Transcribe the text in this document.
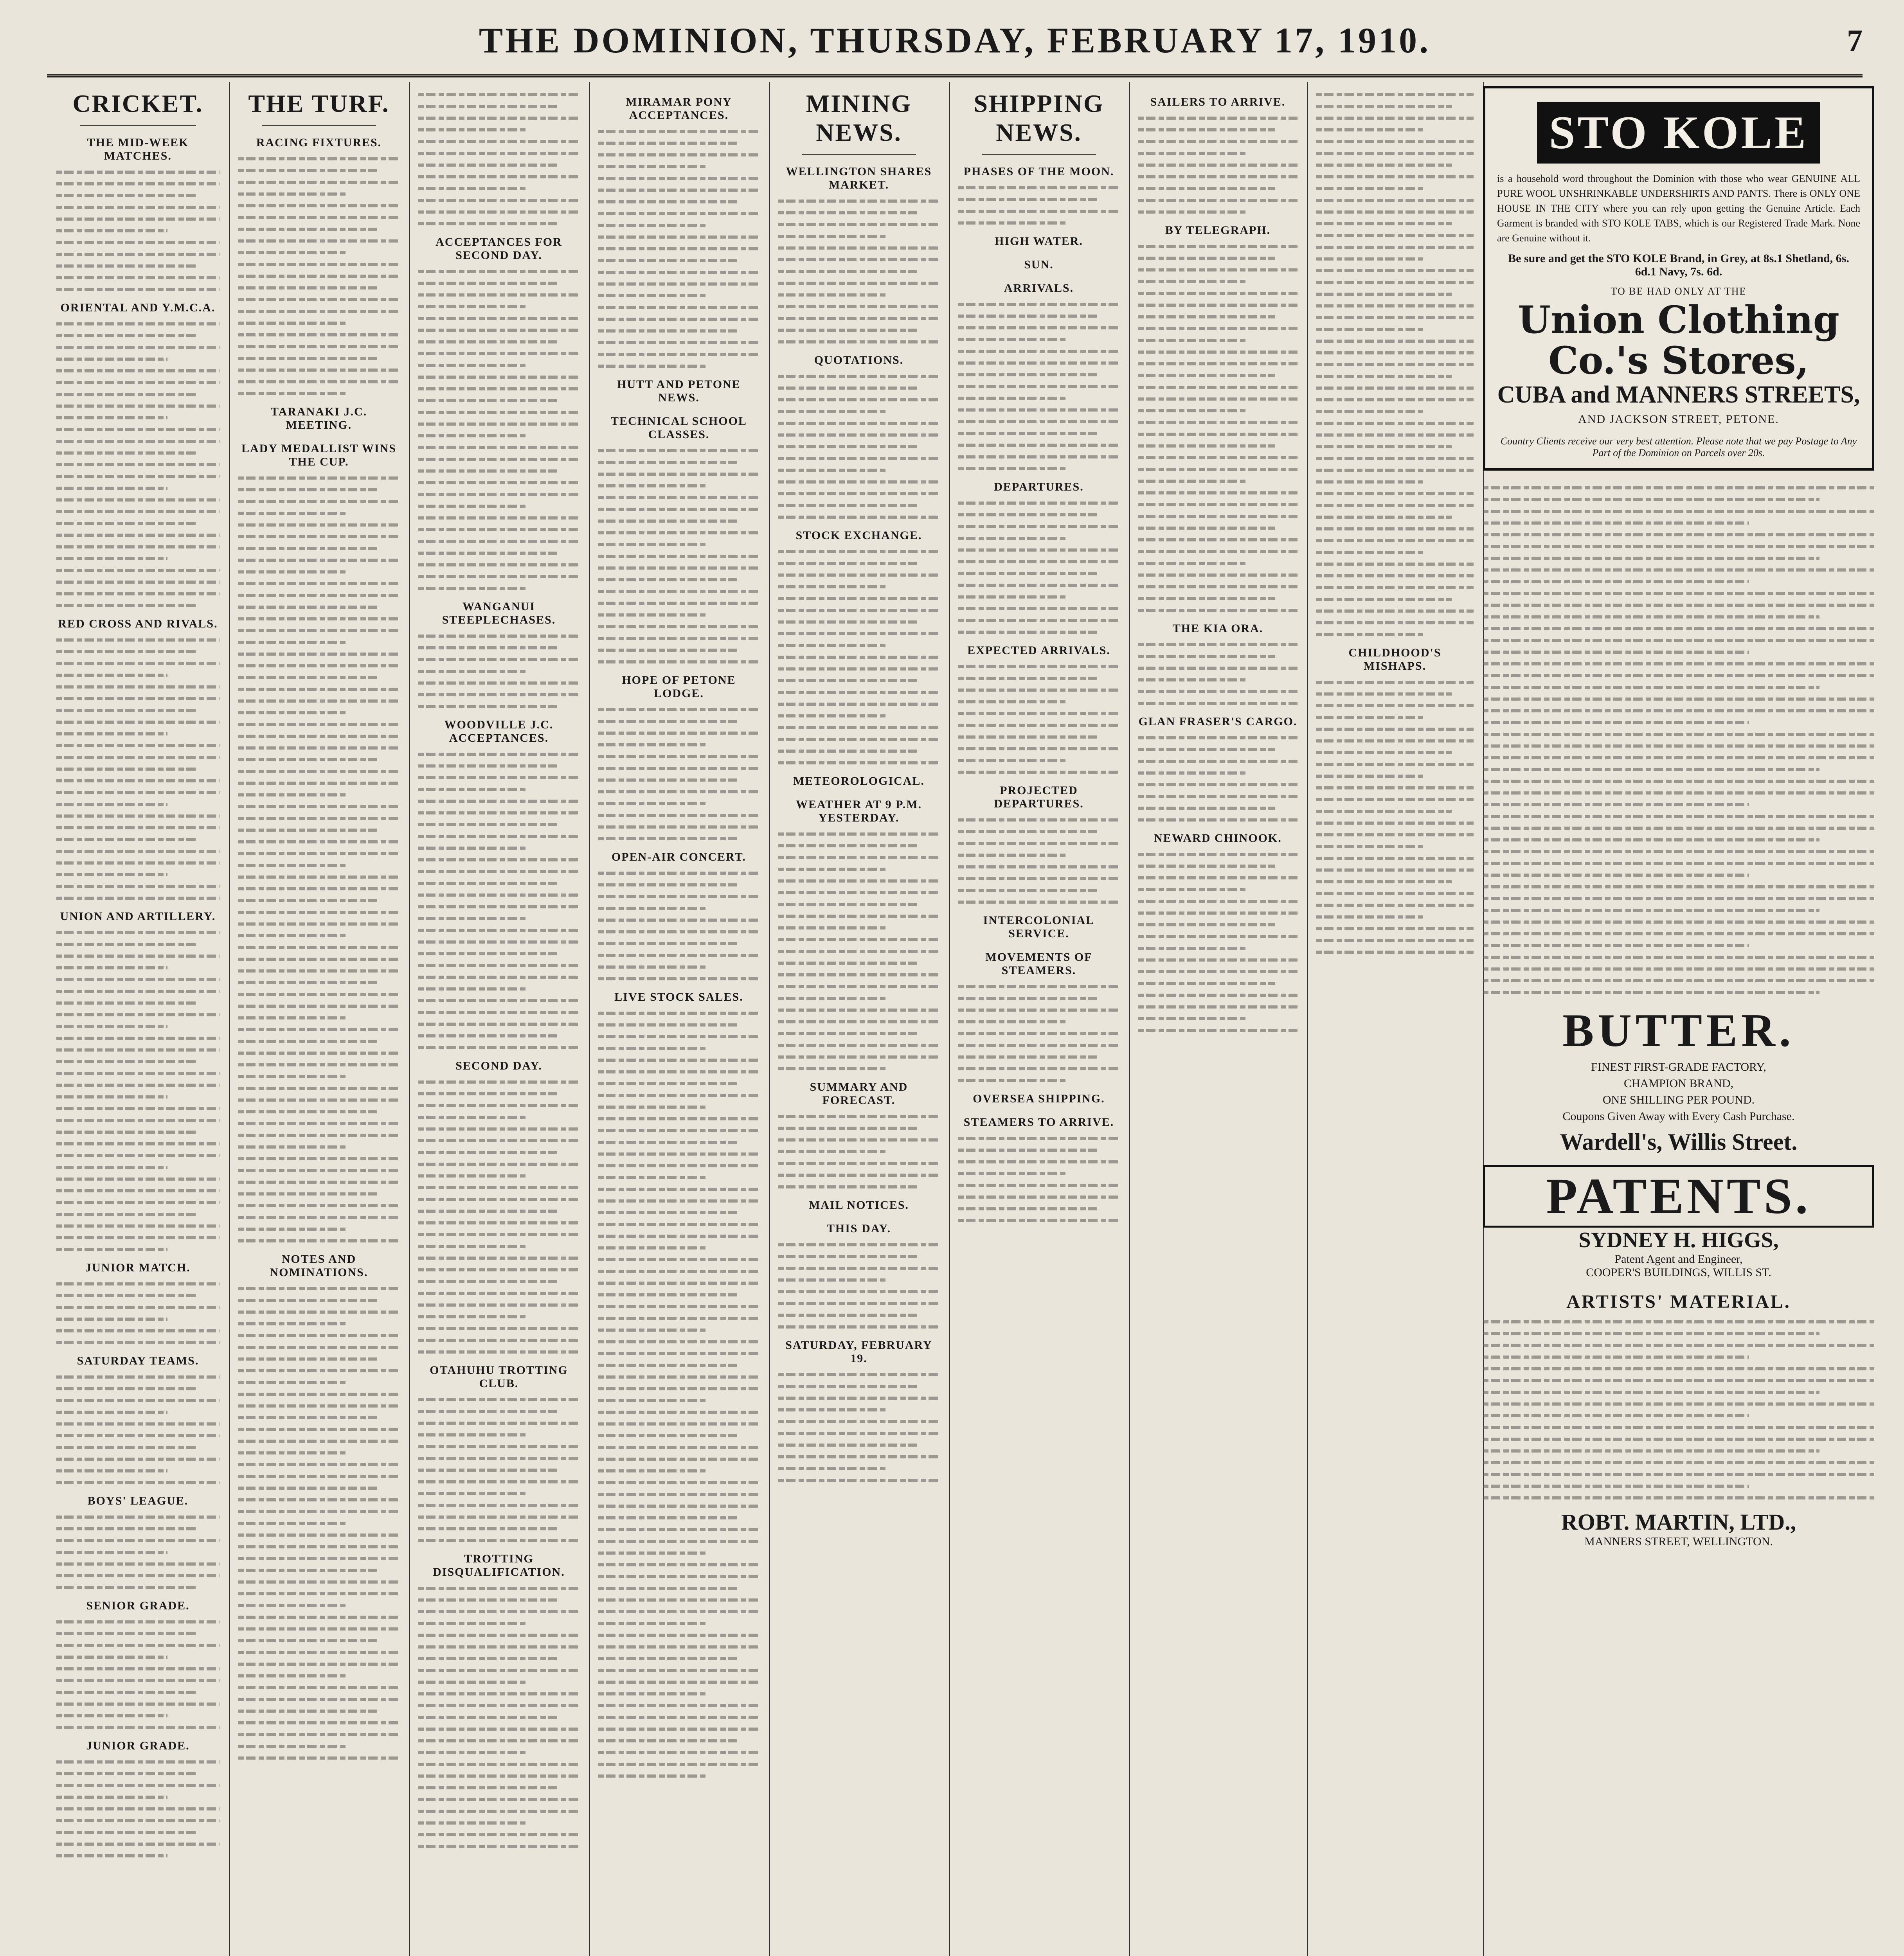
THE DOMINION, THURSDAY, FEBRUARY 17, 1910.	7
CRICKET.
THE MID-WEEK MATCHES.
ORIENTAL AND Y.M.C.A.
RED CROSS AND RIVALS.
UNION AND ARTILLERY.
JUNIOR MATCH.
SATURDAY TEAMS.
BOYS' LEAGUE.
SENIOR GRADE.
JUNIOR GRADE.
THE TURF.
RACING FIXTURES.
TARANAKI J.C. MEETING.
LADY MEDALLIST WINS THE CUP.
NOTES AND NOMINATIONS.
ACCEPTANCES FOR SECOND DAY.
WANGANUI STEEPLECHASES.
WOODVILLE J.C. ACCEPTANCES.
SECOND DAY.
OTAHUHU TROTTING CLUB.
TROTTING DISQUALIFICATION.
MIRAMAR PONY ACCEPTANCES.
HUTT AND PETONE NEWS.
TECHNICAL SCHOOL CLASSES.
HOPE OF PETONE LODGE.
OPEN-AIR CONCERT.
LIVE STOCK SALES.
MINING NEWS.
WELLINGTON SHARES MARKET.
QUOTATIONS.
STOCK EXCHANGE.
METEOROLOGICAL.
WEATHER AT 9 P.M. YESTERDAY.
SUMMARY AND FORECAST.
MAIL NOTICES.
THIS DAY.
SATURDAY, FEBRUARY 19.
SHIPPING NEWS.
PHASES OF THE MOON.
HIGH WATER.
SUN.
ARRIVALS.
DEPARTURES.
EXPECTED ARRIVALS.
PROJECTED DEPARTURES.
INTERCOLONIAL SERVICE.
MOVEMENTS OF STEAMERS.
OVERSEA SHIPPING.
STEAMERS TO ARRIVE.
SAILERS TO ARRIVE.
BY TELEGRAPH.
THE KIA ORA.
GLAN FRASER'S CARGO.
NEWARD CHINOOK.
CHILDHOOD'S MISHAPS.
STO KOLE
is a household word throughout the Dominion with those who wear GENUINE ALL PURE WOOL UNSHRINKABLE UNDERSHIRTS AND PANTS. There is ONLY ONE HOUSE IN THE CITY where you can rely upon getting the Genuine Article. Each Garment is branded with STO KOLE TABS, which is our Registered Trade Mark. None are Genuine without it.
Be sure and get the STO KOLE Brand, in Grey, at 8s.1 Shetland, 6s. 6d.1 Navy, 7s. 6d.
TO BE HAD ONLY AT THE
Union Clothing Co.'s Stores,
CUBA and MANNERS STREETS,
AND JACKSON STREET, PETONE.
Country Clients receive our very best attention. Please note that we pay Postage to Any Part of the Dominion on Parcels over 20s.
BUTTER.
FINEST FIRST-GRADE FACTORY,
CHAMPION BRAND,
ONE SHILLING PER POUND.
Coupons Given Away with Every Cash Purchase.
Wardell's, Willis Street.
PATENTS.
SYDNEY H. HIGGS,
Patent Agent and Engineer,
COOPER'S BUILDINGS, WILLIS ST.
ARTISTS' MATERIAL.
ROBT. MARTIN, LTD.,
MANNERS STREET, WELLINGTON.
